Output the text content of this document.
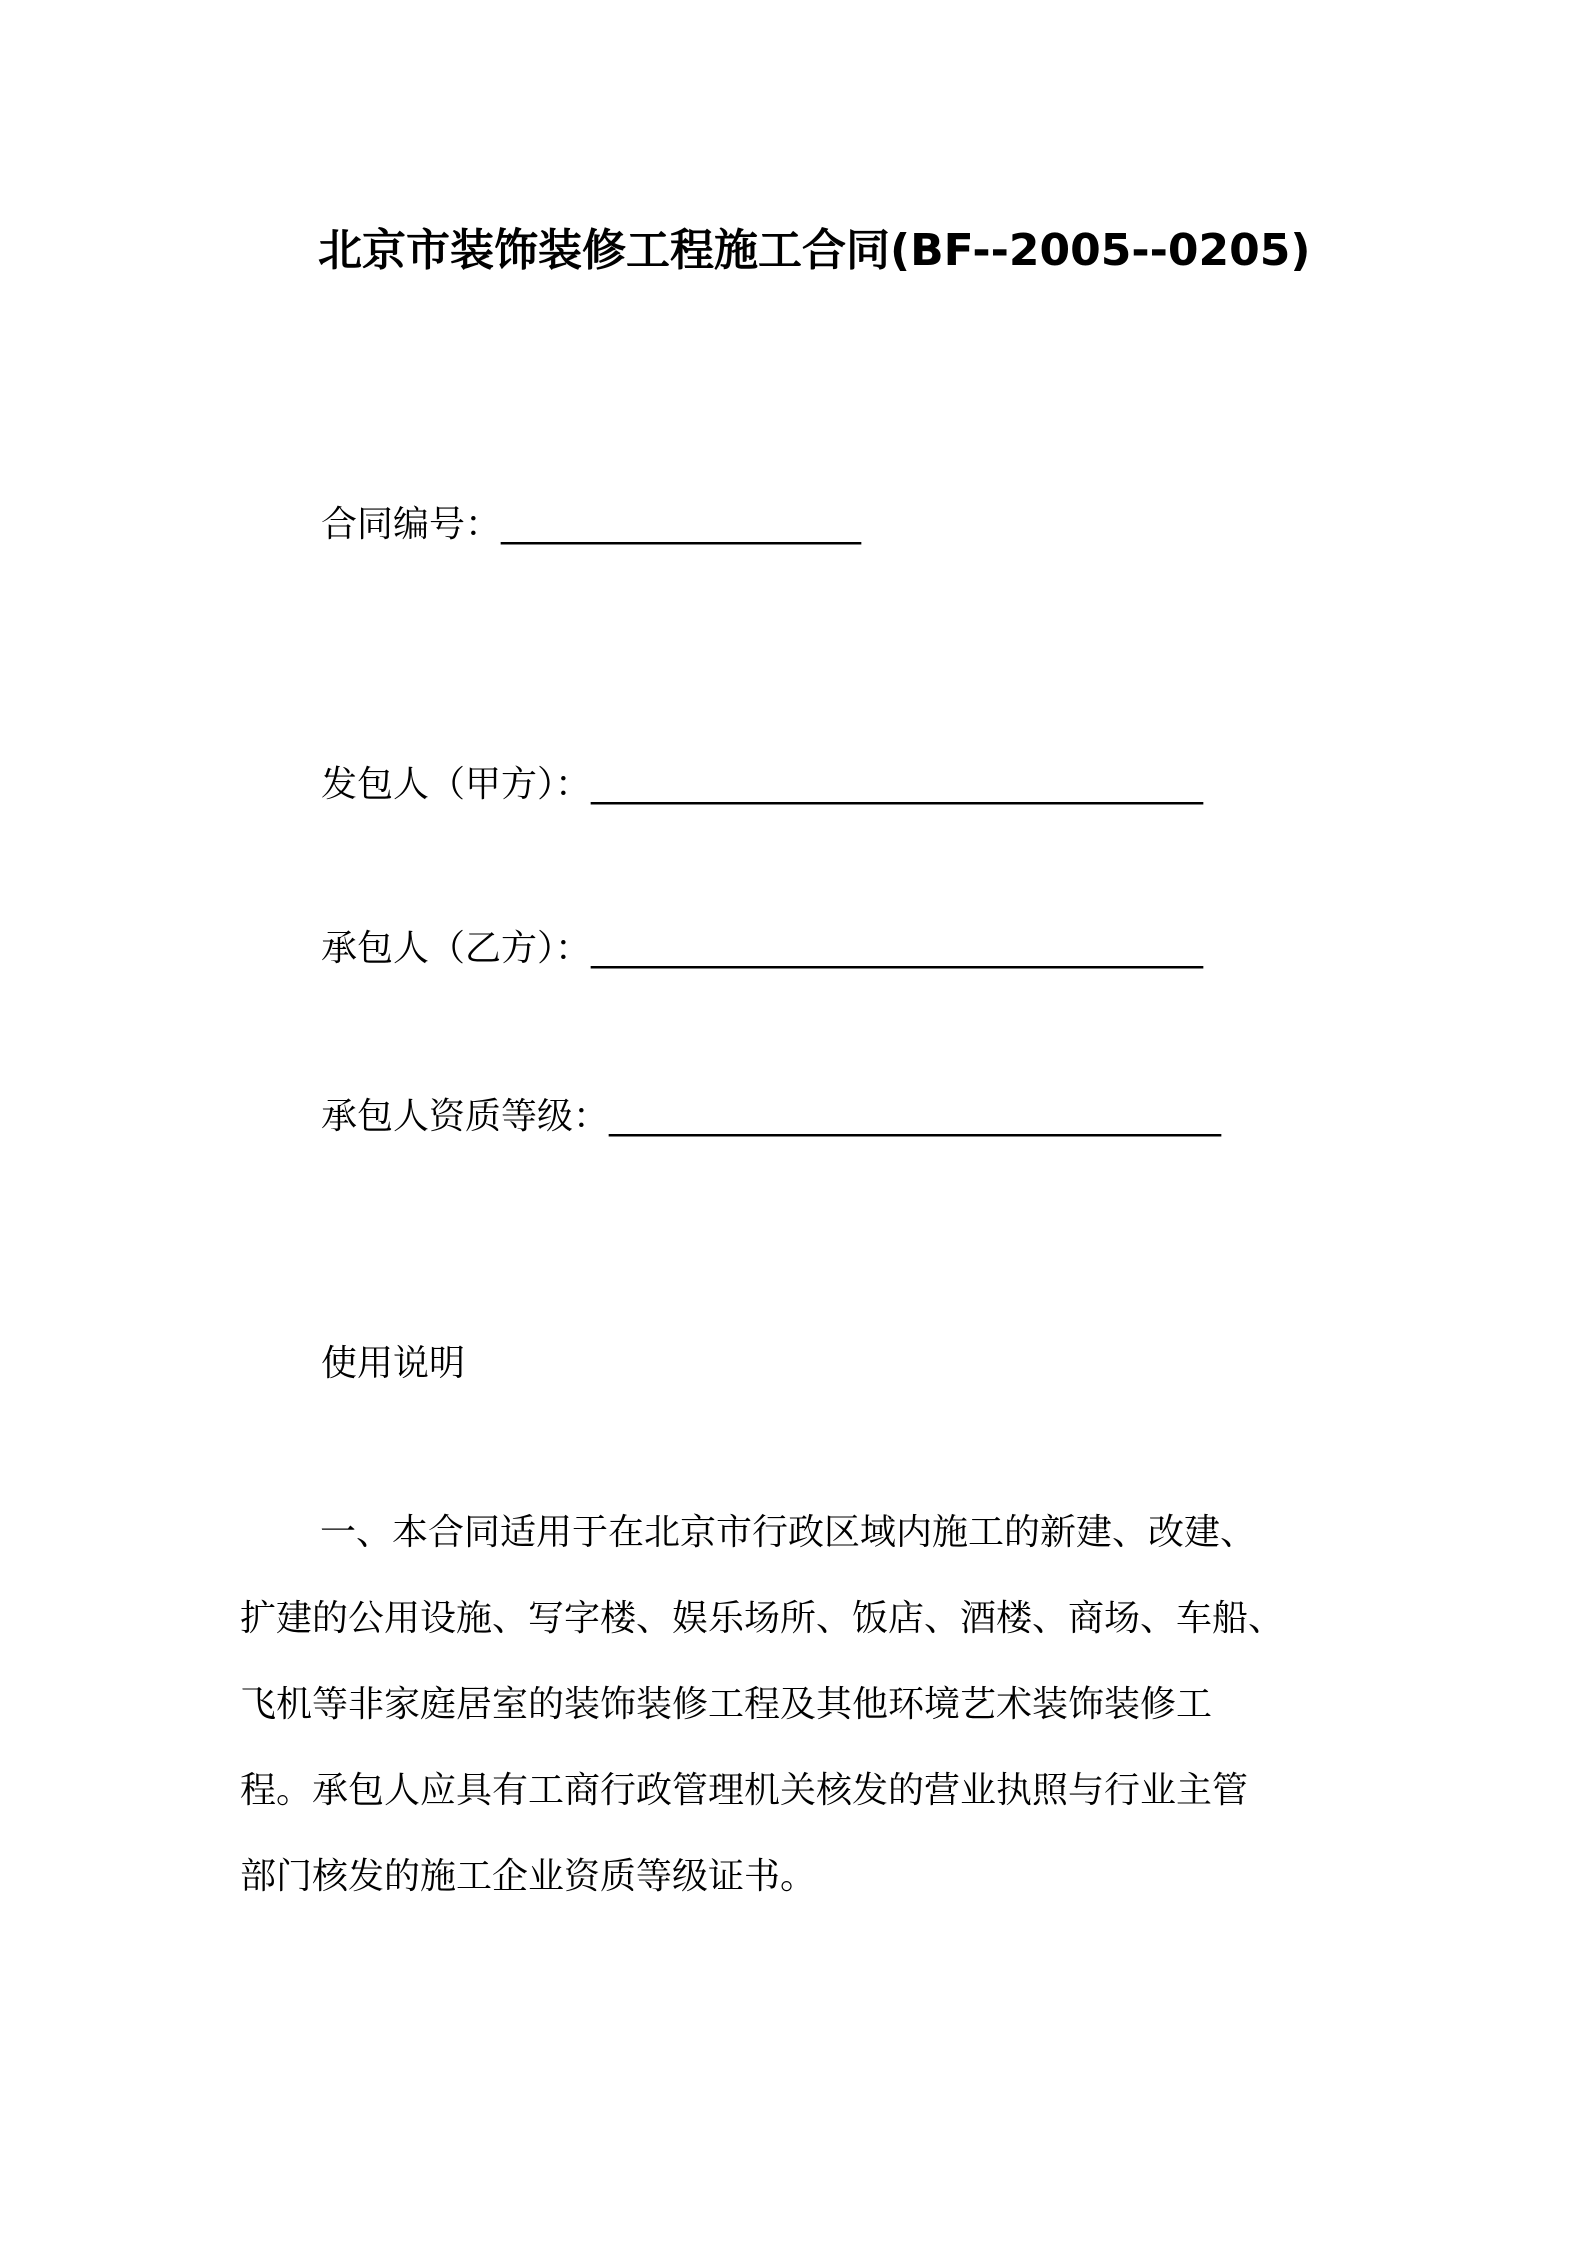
北京市装饰装修工程施工合同(BF--2005--0205)
合同编号：____________________
发包人（甲方）：__________________________________
承包人（乙方）：__________________________________
承包人资质等级：__________________________________
使用说明
一、本合同适用于在北京市行政区域内施工的新建、改建、
扩建的公用设施、写字楼、娱乐场所、饭店、酒楼、商场、车船、
飞机等非家庭居室的装饰装修工程及其他环境艺术装饰装修工
程。承包人应具有工商行政管理机关核发的营业执照与行业主管
部门核发的施工企业资质等级证书。
